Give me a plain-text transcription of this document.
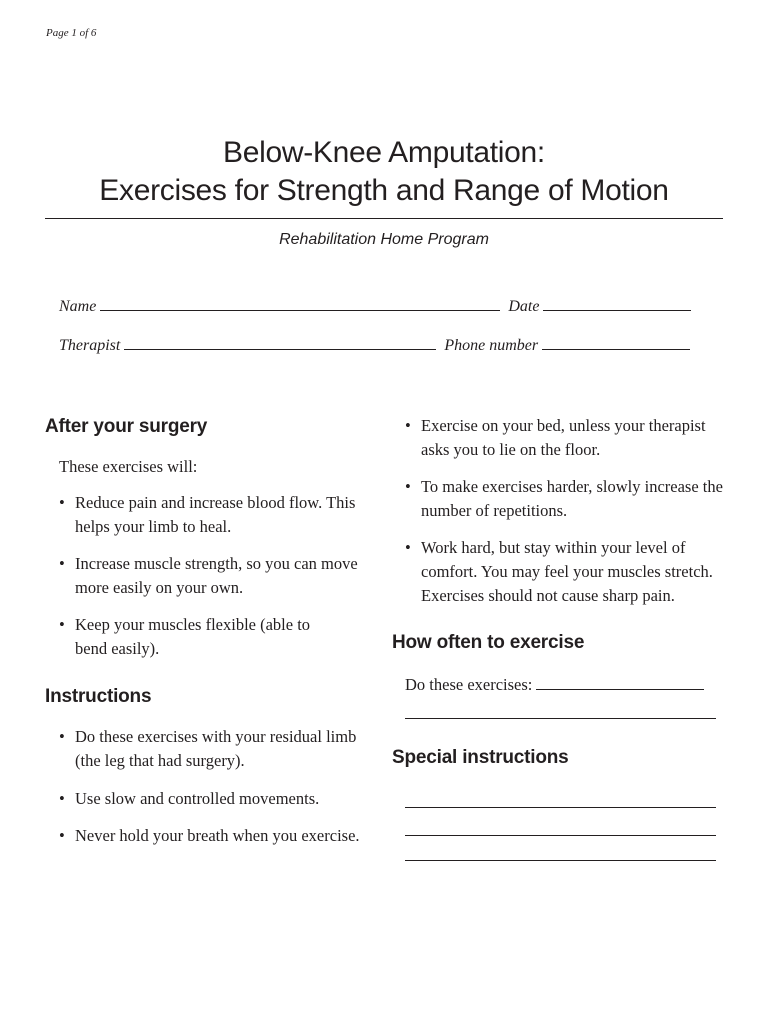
Page 1 of 6
Below-Knee Amputation:
Exercises for Strength and Range of Motion
Rehabilitation Home Program
Name	Date
Therapist	Phone number
After your surgery
These exercises will:
• Reduce pain and increase blood flow. This helps your limb to heal.
• Increase muscle strength, so you can move more easily on your own.
• Keep your muscles flexible (able to bend easily).
Instructions
• Do these exercises with your residual limb (the leg that had surgery).
• Use slow and controlled movements.
• Never hold your breath when you exercise.
• Exercise on your bed, unless your therapist asks you to lie on the floor.
• To make exercises harder, slowly increase the number of repetitions.
• Work hard, but stay within your level of comfort. You may feel your muscles stretch. Exercises should not cause sharp pain.
How often to exercise
Do these exercises:
Special instructions
